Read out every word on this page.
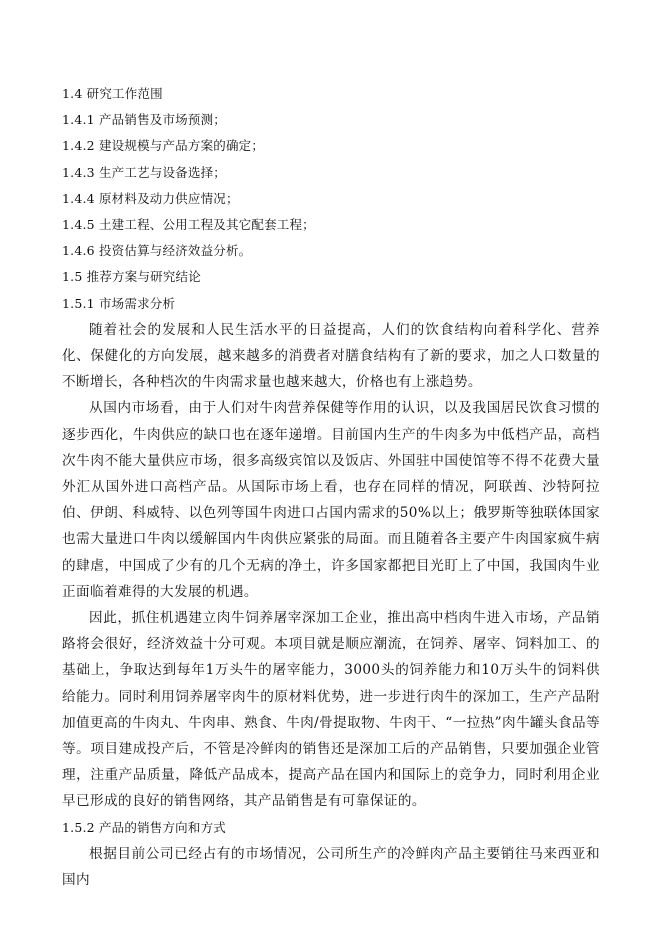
1.4 研究工作范围
1.4.1 产品销售及市场预测；
1.4.2 建设规模与产品方案的确定；
1.4.3 生产工艺与设备选择；
1.4.4 原材料及动力供应情况；
1.4.5 土建工程、公用工程及其它配套工程；
1.4.6 投资估算与经济效益分析。
1.5 推荐方案与研究结论
1.5.1 市场需求分析

随着社会的发展和人民生活水平的日益提高，人们的饮食结构向着科学化、营养化、保健化的方向发展，越来越多的消费者对膳食结构有了新的要求，加之人口数量的不断增长，各种档次的牛肉需求量也越来越大，价格也有上涨趋势。

从国内市场看，由于人们对牛肉营养保健等作用的认识，以及我国居民饮食习惯的逐步西化，牛肉供应的缺口也在逐年递增。目前国内生产的牛肉多为中低档产品，高档次牛肉不能大量供应市场，很多高级宾馆以及饭店、外国驻中国使馆等不得不花费大量外汇从国外进口高档产品。从国际市场上看，也存在同样的情况，阿联酋、沙特阿拉伯、伊朗、科威特、以色列等国牛肉进口占国内需求的50%以上；俄罗斯等独联体国家也需大量进口牛肉以缓解国内牛肉供应紧张的局面。而且随着各主要产牛肉国家疯牛病的肆虐，中国成了少有的几个无病的净土，许多国家都把目光盯上了中国，我国肉牛业正面临着难得的大发展的机遇。

因此，抓住机遇建立肉牛饲养屠宰深加工企业，推出高中档肉牛进入市场，产品销路将会很好，经济效益十分可观。本项目就是顺应潮流，在饲养、屠宰、饲料加工、的基础上，争取达到每年1万头牛的屠宰能力，3000头的饲养能力和10万头牛的饲料供给能力。同时利用饲养屠宰肉牛的原材料优势，进一步进行肉牛的深加工，生产产品附加值更高的牛肉丸、牛肉串、熟食、牛肉/骨提取物、牛肉干、“一拉热”肉牛罐头食品等等。项目建成投产后，不管是冷鲜肉的销售还是深加工后的产品销售，只要加强企业管理，注重产品质量，降低产品成本，提高产品在国内和国际上的竞争力，同时利用企业早已形成的良好的销售网络，其产品销售是有可靠保证的。

1.5.2 产品的销售方向和方式

根据目前公司已经占有的市场情况，公司所生产的冷鲜肉产品主要销往马来西亚和国内
